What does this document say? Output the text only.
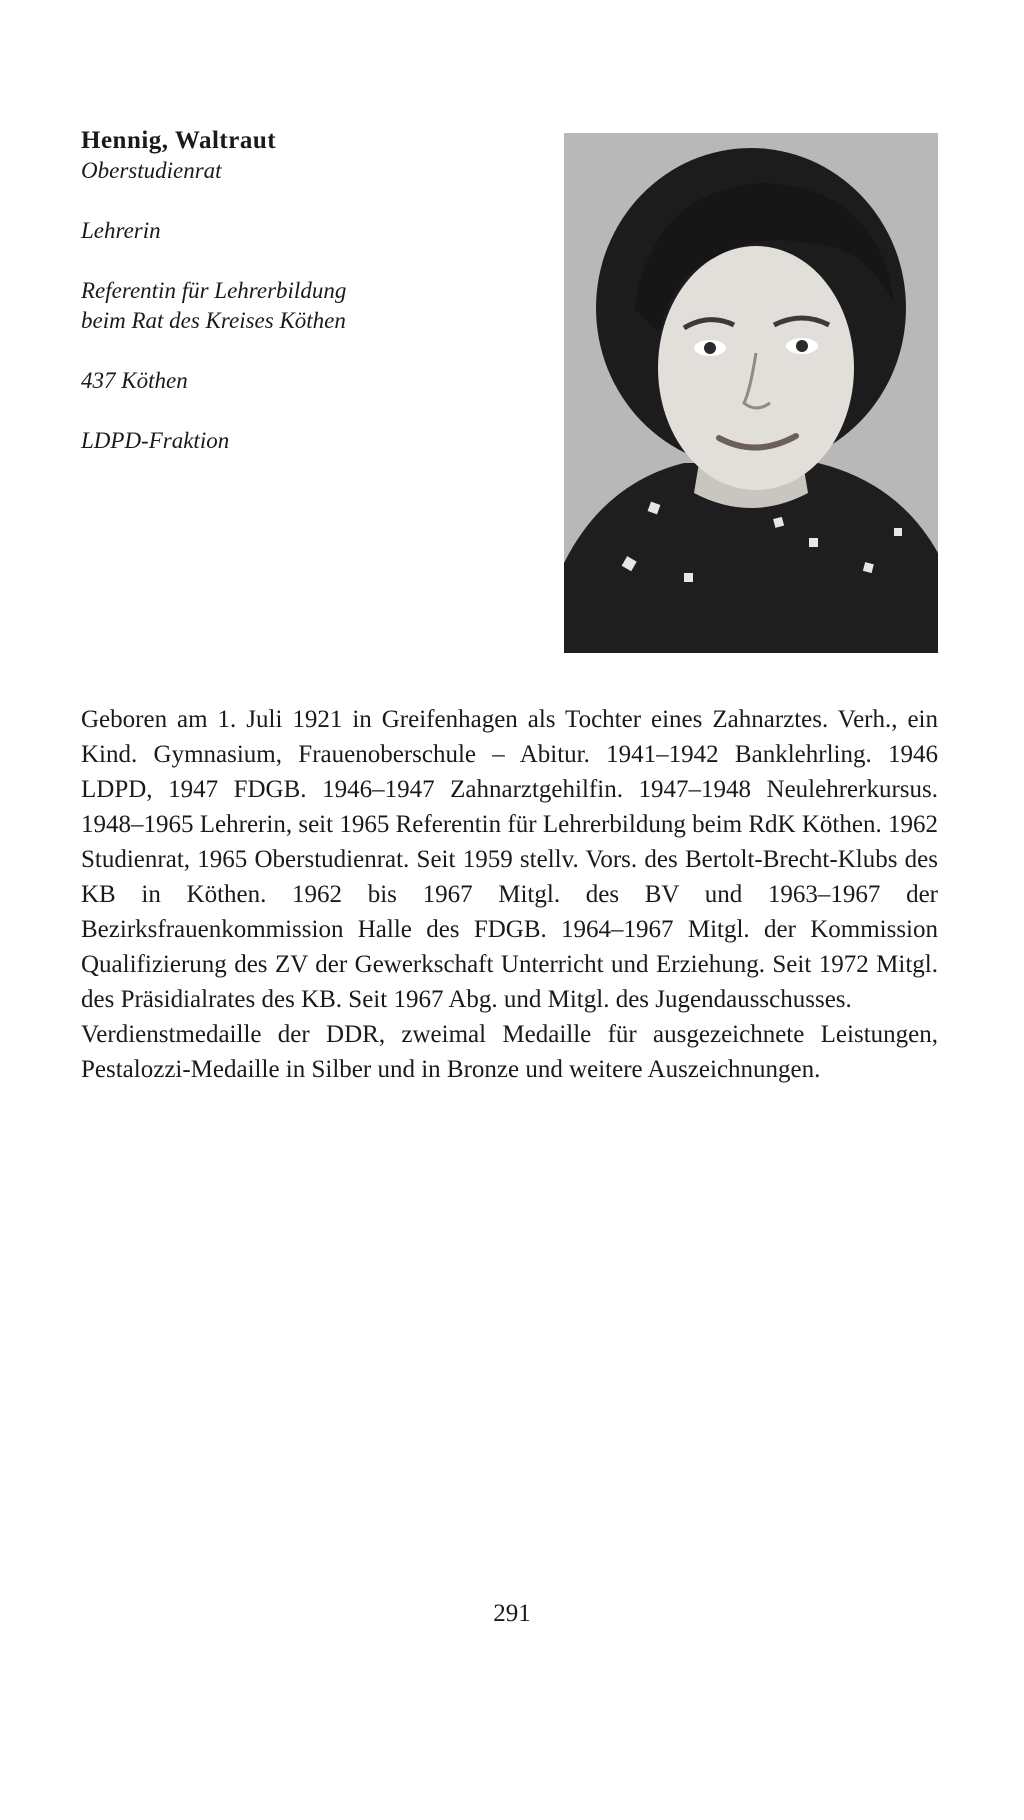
Hennig, Waltraut
Oberstudienrat
Lehrerin
Referentin für Lehrerbildung
beim Rat des Kreises Köthen
437 Köthen
LDPD-Fraktion

Geboren am 1. Juli 1921 in Greifenhagen als Tochter eines Zahnarztes. Verh., ein Kind. Gymnasium, Frauenoberschule – Abitur. 1941–1942 Banklehrling. 1946 LDPD, 1947 FDGB. 1946–1947 Zahnarztgehilfin. 1947–1948 Neulehrerkursus. 1948–1965 Lehrerin, seit 1965 Referentin für Lehrerbildung beim RdK Köthen. 1962 Studienrat, 1965 Oberstudienrat. Seit 1959 stellv. Vors. des Bertolt-Brecht-Klubs des KB in Köthen. 1962 bis 1967 Mitgl. des BV und 1963–1967 der Bezirksfrauenkommission Halle des FDGB. 1964–1967 Mitgl. der Kommission Qualifizierung des ZV der Gewerkschaft Unterricht und Erziehung. Seit 1972 Mitgl. des Präsidialrates des KB. Seit 1967 Abg. und Mitgl. des Jugendausschusses.

Verdienstmedaille der DDR, zweimal Medaille für ausgezeichnete Leistungen, Pestalozzi-Medaille in Silber und in Bronze und weitere Auszeichnungen.

291
